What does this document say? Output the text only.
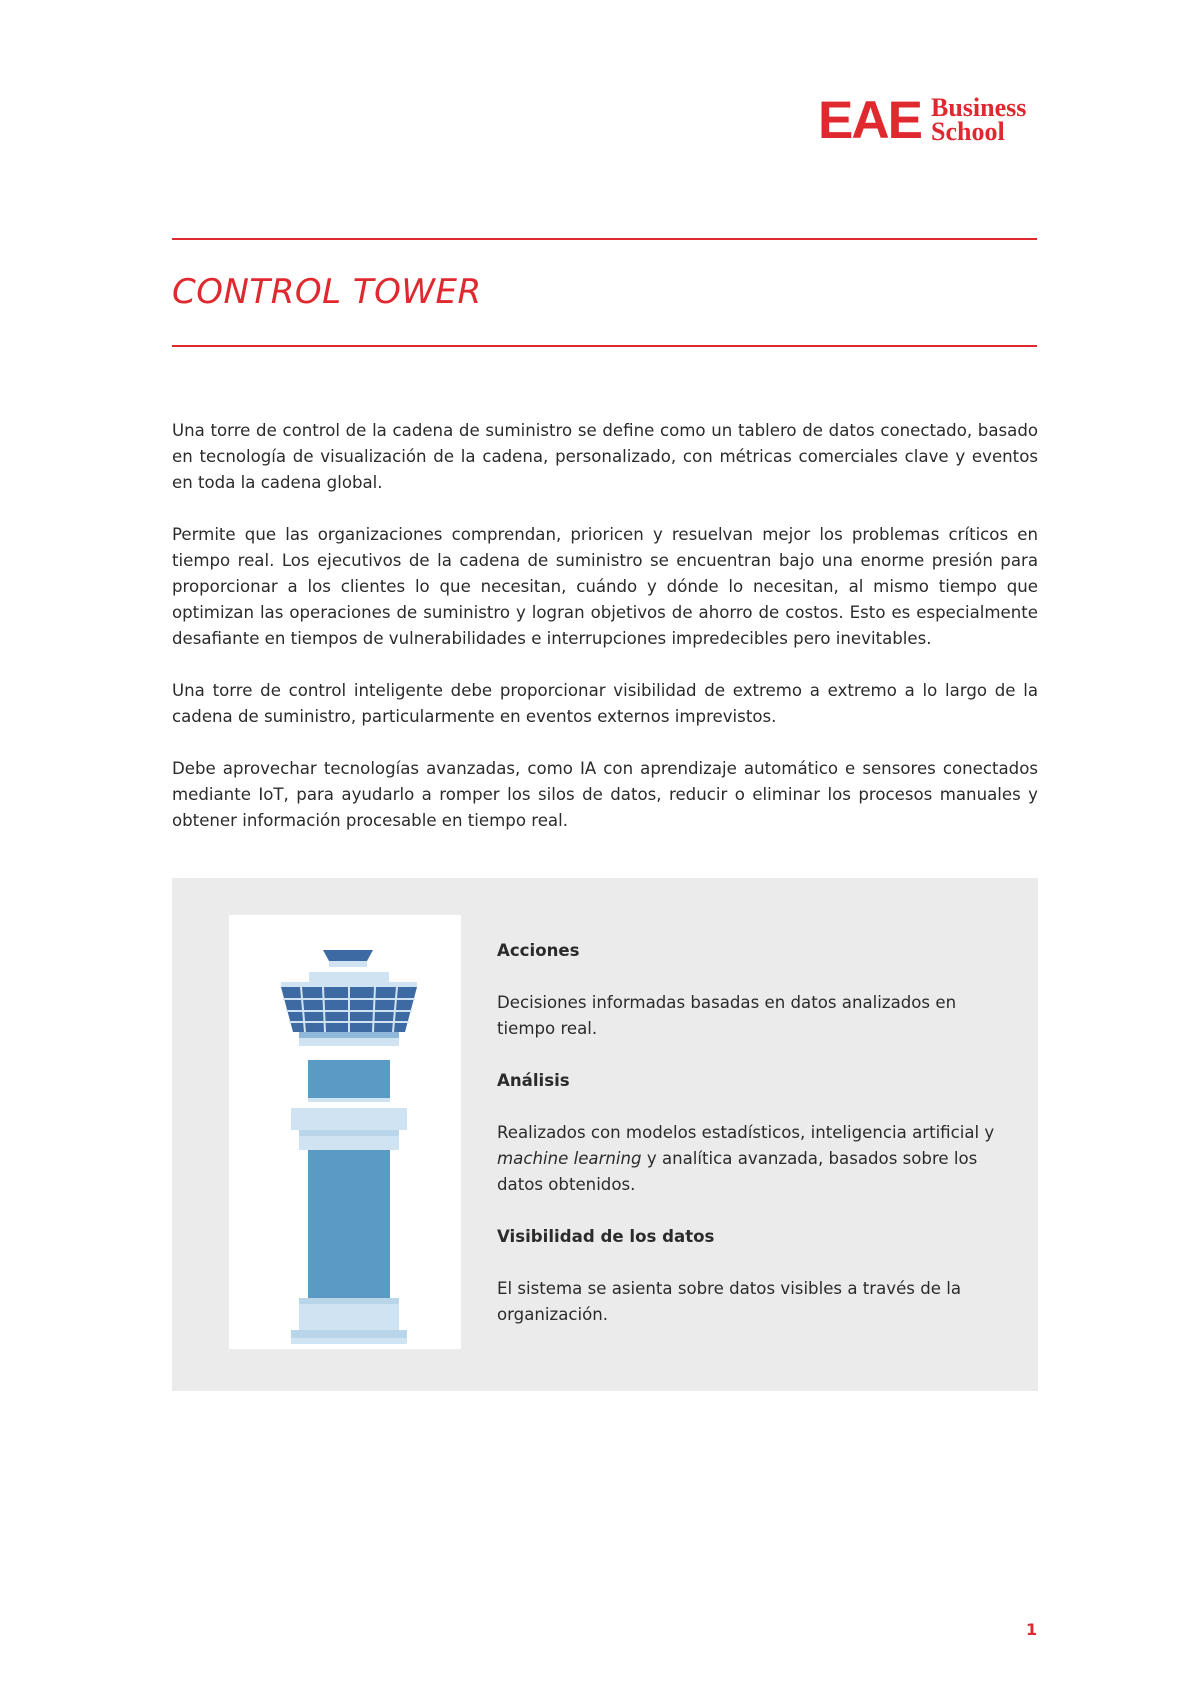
EAE Business
School
CONTROL TOWER

Una torre de control de la cadena de suministro se define como un tablero de datos conectado, basado en tecnología de visualización de la cadena, personalizado, con métricas comerciales clave y eventos en toda la cadena global.

Permite que las organizaciones comprendan, prioricen y resuelvan mejor los problemas críticos en tiempo real. Los ejecutivos de la cadena de suministro se encuentran bajo una enorme presión para proporcionar a los clientes lo que necesitan, cuándo y dónde lo necesitan, al mismo tiempo que optimizan las operaciones de suministro y logran objetivos de ahorro de costos. Esto es especialmente desafiante en tiempos de vulnerabilidades e interrupciones impredecibles pero inevitables.

Una torre de control inteligente debe proporcionar visibilidad de extremo a extremo a lo largo de la cadena de suministro, particularmente en eventos externos imprevistos.

Debe aprovechar tecnologías avanzadas, como IA con aprendizaje automático e sensores conectados mediante IoT, para ayudarlo a romper los silos de datos, reducir o eliminar los procesos manuales y obtener información procesable en tiempo real.

Acciones

Decisiones informadas basadas en datos analizados en tiempo real.

Análisis

Realizados con modelos estadísticos, inteligencia artificial y machine learning y analítica avanzada, basados sobre los datos obtenidos.

Visibilidad de los datos

El sistema se asienta sobre datos visibles a través de la organización.

1
